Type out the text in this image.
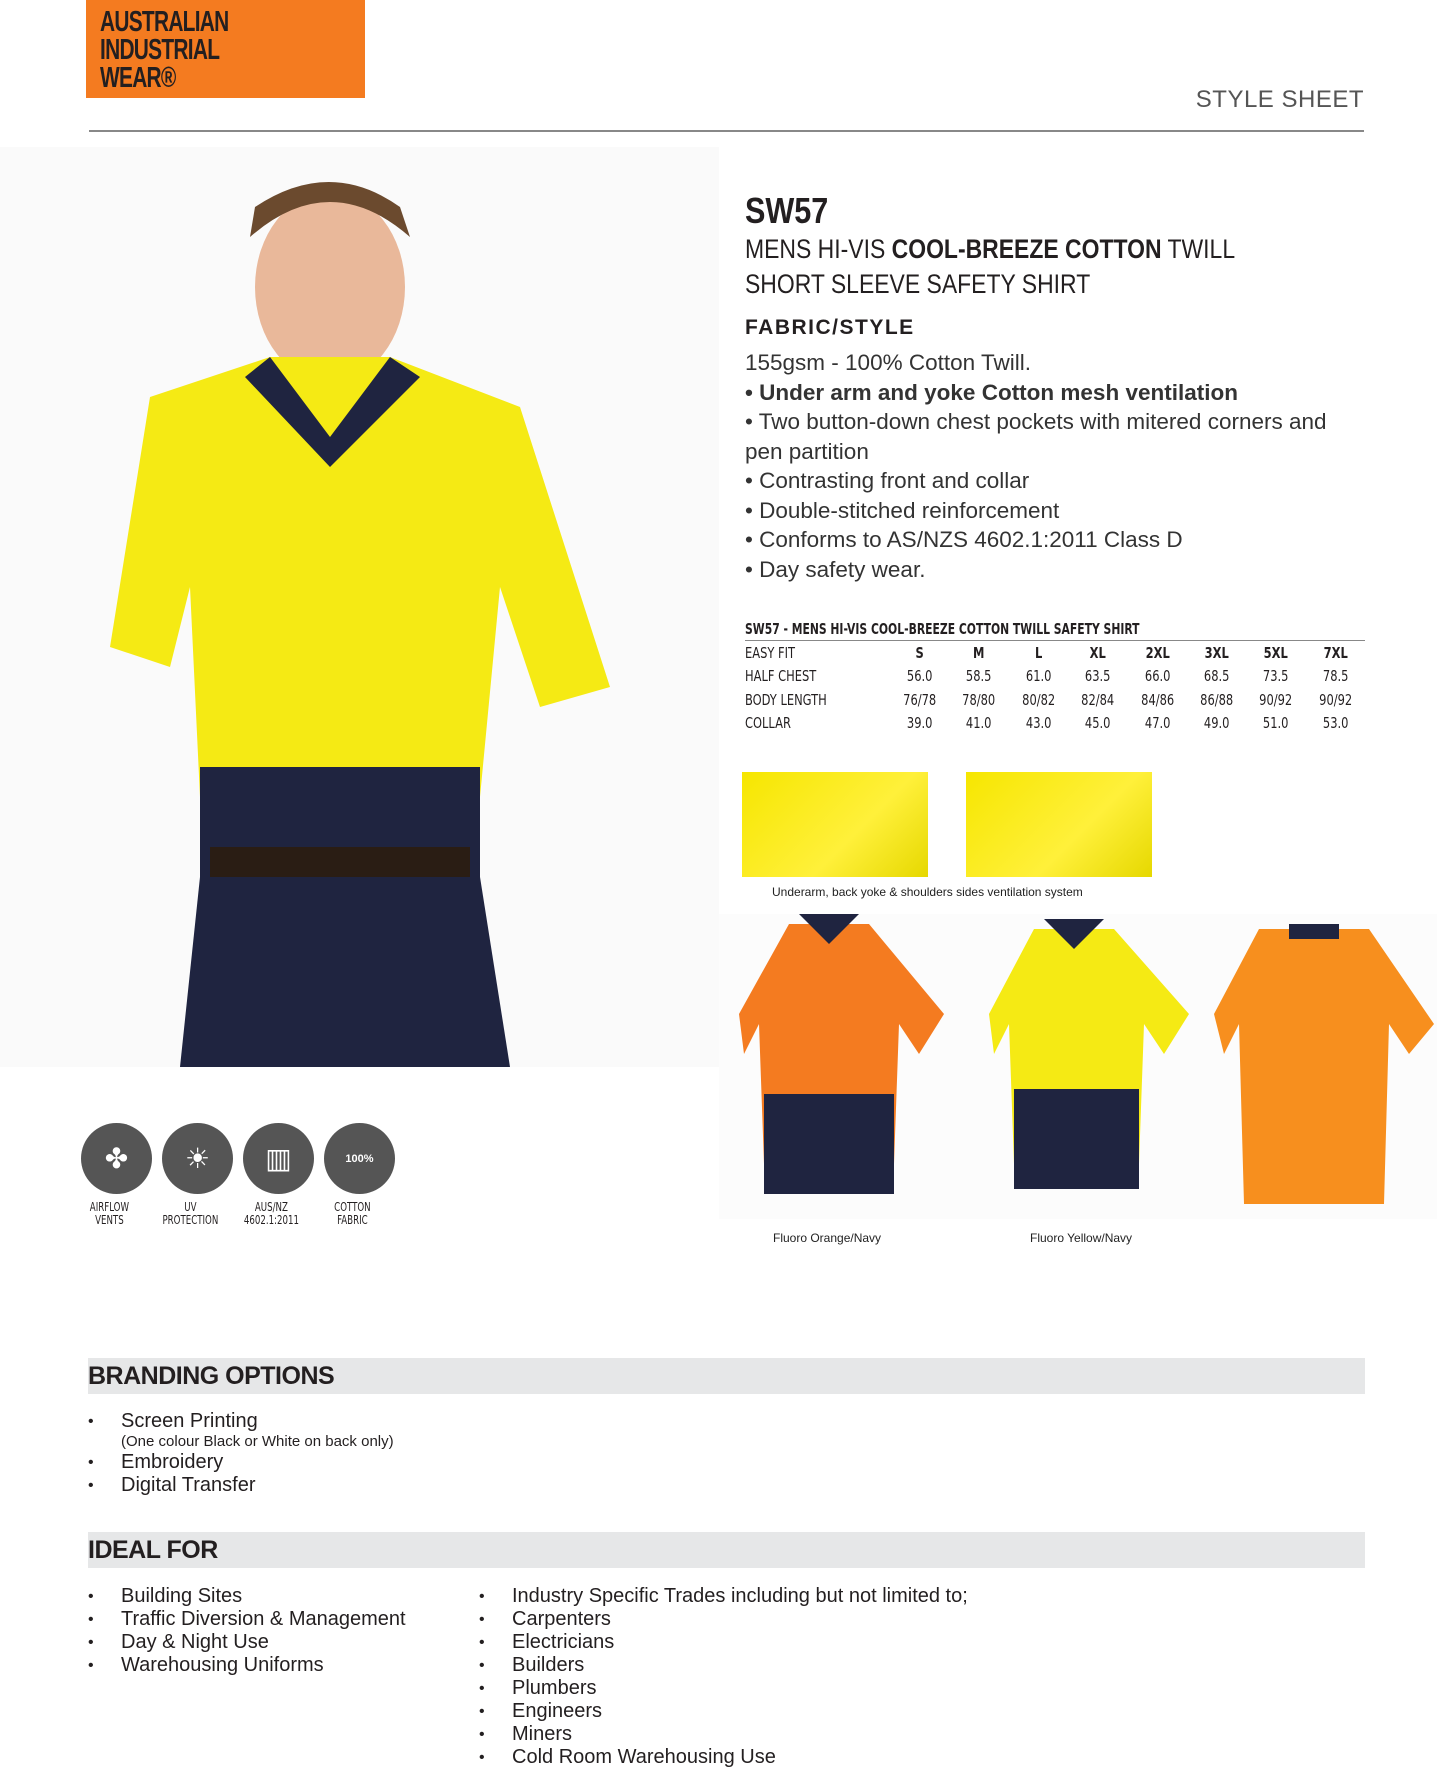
AUSTRALIAN
INDUSTRIAL
WEAR®
STYLE SHEET
SW57
MENS HI-VIS COOL-BREEZE COTTON TWILL
SHORT SLEEVE SAFETY SHIRT
FABRIC/STYLE

155gsm - 100% Cotton Twill.

• Under arm and yoke Cotton mesh ventilation

• Two button-down chest pockets with mitered corners and pen partition

• Contrasting front and collar

• Double-stitched reinforcement

• Conforms to AS/NZS 4602.1:2011 Class D

• Day safety wear.

SW57 - MENS HI-VIS COOL-BREEZE COTTON TWILL SAFETY SHIRT
EASY FIT	S	M	L	XL	2XL	3XL	5XL	7XL
HALF CHEST	56.0	58.5	61.0	63.5	66.0	68.5	73.5	78.5
BODY LENGTH	76/78	78/80	80/82	82/84	84/86	86/88	90/92	90/92
COLLAR	39.0	41.0	43.0	45.0	47.0	49.0	51.0	53.0
Underarm, back yoke & shoulders sides ventilation system
Fluoro Orange/Navy	Fluoro Yellow/Navy
✤
AIRFLOW VENTS
☀
UV PROTECTION
▥
AUS/NZ 4602.1:2011
100%
COTTON FABRIC
BRANDING OPTIONS
• Screen Printing
(One colour Black or White on back only)
• Embroidery
• Digital Transfer
IDEAL FOR
• Building Sites
• Traffic Diversion & Management
• Day & Night Use
• Warehousing Uniforms
• Industry Specific Trades including but not limited to;
• Carpenters
• Electricians
• Builders
• Plumbers
• Engineers
• Miners
• Cold Room Warehousing Use
